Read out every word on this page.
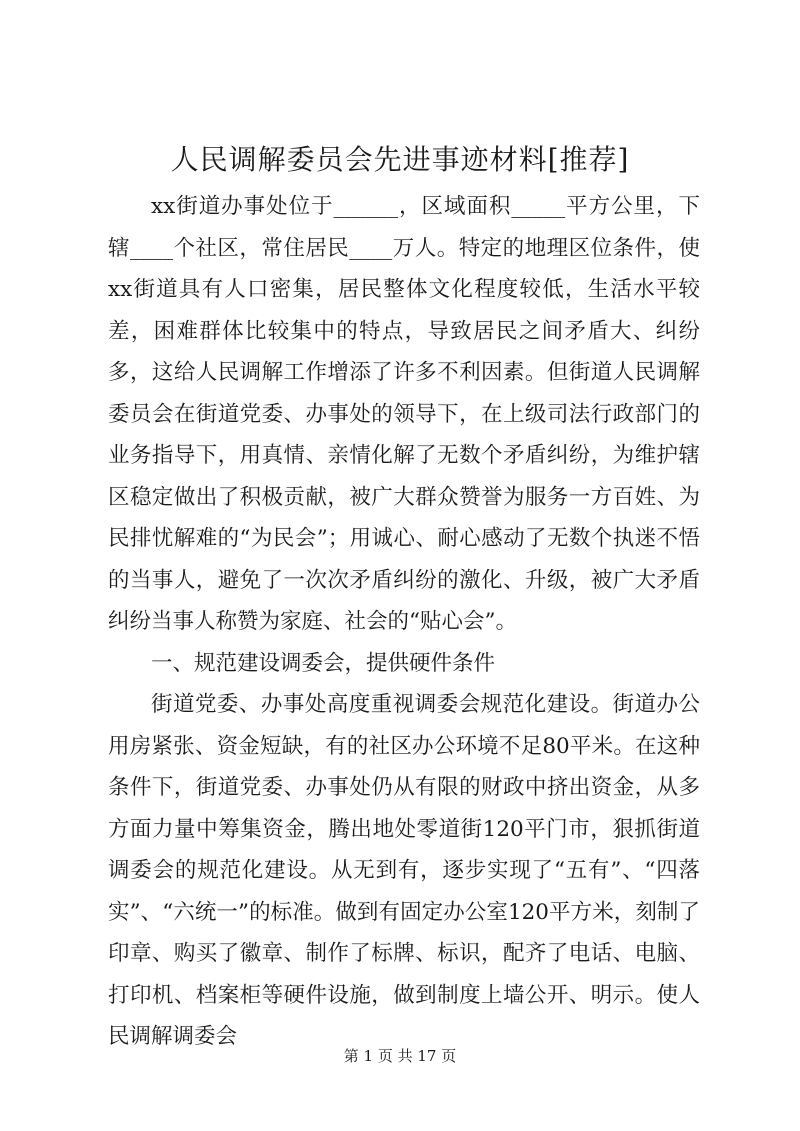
人民调解委员会先进事迹材料[推荐]

xx街道办事处位于______，区域面积_____平方公里，下辖____个社区，常住居民____万人。特定的地理区位条件，使xx街道具有人口密集，居民整体文化程度较低，生活水平较差，困难群体比较集中的特点，导致居民之间矛盾大、纠纷多，这给人民调解工作增添了许多不利因素。但街道人民调解委员会在街道党委、办事处的领导下，在上级司法行政部门的业务指导下，用真情、亲情化解了无数个矛盾纠纷，为维护辖区稳定做出了积极贡献，被广大群众赞誉为服务一方百姓、为民排忧解难的“为民会”；用诚心、耐心感动了无数个执迷不悟的当事人，避免了一次次矛盾纠纷的激化、升级，被广大矛盾纠纷当事人称赞为家庭、社会的“贴心会”。

一、规范建设调委会，提供硬件条件

街道党委、办事处高度重视调委会规范化建设。街道办公用房紧张、资金短缺，有的社区办公环境不足80平米。在这种条件下，街道党委、办事处仍从有限的财政中挤出资金，从多方面力量中筹集资金，腾出地处零道街120平门市，狠抓街道调委会的规范化建设。从无到有，逐步实现了“五有”、“四落实”、“六统一”的标准。做到有固定办公室120平方米，刻制了印章、购买了徽章、制作了标牌、标识，配齐了电话、电脑、打印机、档案柜等硬件设施，做到制度上墙公开、明示。使人民调解调委会

第 1 页 共 17 页
